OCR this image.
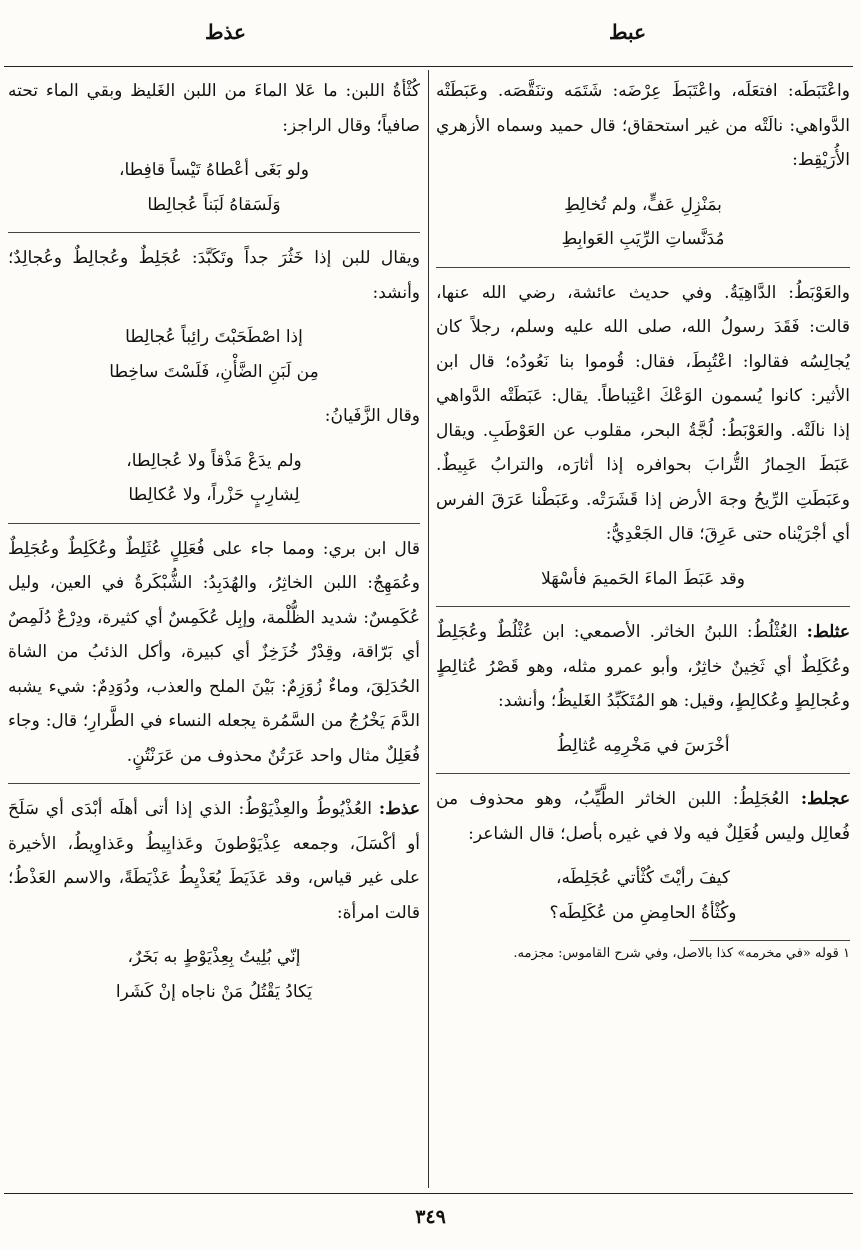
عبط
عذط

واعْتَبَطَه: افتعَلَه، واعْتَبَطَ عِرْضَه: شَتَمَه وتنَقَّصَه. وعَبَطَتْه الدَّواهي: نالَتْه من غير استحقاق؛ قال حميد وسماه الأزهري الأُرَيْقِط:

بمَنْزِلِ عَفٍّ، ولم تُخالِطِ
مُدَنَّساتِ الرِّيَبِ العَوابِطِ

والعَوْبَطُ: الدَّاهِيَةُ. وفي حديث عائشة، رضي الله عنها، قالت: فَقَدَ رسولُ الله، صلى الله عليه وسلم، رجلاً كان يُجالِسُه فقالوا: اعْتُبِطَ، فقال: قُوموا بنا نَعُودُه؛ قال ابن الأثير: كانوا يُسمون الوَعْكَ اعْتِباطاً. يقال: عَبَطَتْه الدَّواهي إذا نالَتْه. والعَوْبَطُ: لُجَّةُ البحر، مقلوب عن العَوْطَبِ. ويقال عَبَطَ الحِمارُ التُّرابَ بحوافره إذا أثارَه، والترابُ عَبِيطٌ. وعَبَطَتِ الرِّيحُ وجهَ الأرض إذا قَشَرَتْه. وعَبَطْنا عَرَقَ الفرس أي أجْرَيْناه حتى عَرِقَ؛ قال الجَعْدِيُّ:

وقد عَبَطَ الماءَ الحَميمَ فأسْهَلا

عثلط: العُثْلُطُ: اللبنُ الخاثر. الأصمعي: ابن عُثْلُطٌ وعُجَلِطٌ وعُكَلِطٌ أي ثَخِينٌ خاثِرٌ، وأبو عمرو مثله، وهو قَصْرُ عُثالِطٍ وعُجالِطٍ وعُكالِطٍ، وقيل: هو المُتَكَبِّدُ الغَليظُ؛ وأنشد:

أخْرَسَ في مَخْرِمِه عُثالِطُ

عجلط: العُجَلِطُ: اللبن الخاثر الطَّيِّبُ، وهو محذوف من فُعالِل وليس فُعَلِلٌ فيه ولا في غيره بأصل؛ قال الشاعر:

كيفَ رأيْتَ كُثْأتي عُجَلِطَه،
وكُثْأةُ الحامِضِ من عُكَلِطَه؟
١ قوله «في مخرمه» كذا بالاصل، وفي شرح القاموس: مجزمه.

كُثْأةُ اللبن: ما عَلا الماءَ من اللبن الغَليظ وبقي الماء تحته صافياً؛ وقال الراجز:

ولو بَغَى أعْطاهُ تَيْساً قافِطا،
وَلَسَقاهُ لَبَناً عُجالِطا

ويقال للبن إذا خَثُرَ جداً وتَكَبَّدَ: عُجَلِطٌ وعُجالِطٌ وعُجالِدٌ؛ وأنشد:

إذا اصْطَحَبْتَ رائِباً عُجالِطا
مِن لَبَنِ الضَّأْنِ، فَلَسْتَ ساخِطا

وقال الزَّفَيانُ:

ولم يدَعْ مَذْقاً ولا عُجالِطا،
لِشارِبٍ حَزْراً، ولا عُكالِطا

قال ابن بري: ومما جاء على فُعَلِلٍ عُثَلِطٌ وعُكَلِطٌ وعُجَلِطٌ وعُمَهِجٌ: اللبن الخاثِرُ، والهُدَبِدُ: الشُّبْكَرةُ في العين، وليل عُكَمِسٌ: شديد الظُّلْمة، وإبِل عُكَمِسٌ أي كثيرة، ودِرْعٌ دُلَمِصٌ أي بَرّاقة، وقِدْرٌ خُزَخِزٌ أي كبيرة، وأكل الذئبُ من الشاة الحُدَلِقَ، وماءٌ زُوَزِمٌ: بَيْنَ الملح والعذب، ودُوَدِمٌ: شيء يشبه الدَّمَ يَخْرُجُ من السَّمُرة يجعله النساء في الطَّرارِ؛ قال: وجاء فُعَلِلٌ مثال واحد عَرَتُنٌ محذوف من عَرَنْتُنٍ.

عذط: العُذْيُوطُ والعِذْيَوْطُ: الذي إذا أتى أهلَه أبْدَى أي سَلَحَ أو أكْسَلَ، وجمعه عِذْيَوْطونَ وعَذايِيطُ وعَذاوِيطُ، الأخيرة على غير قياس، وقد عَذَيَطَ يُعَذْيِطُ عَذْيَطَةً، والاسم العَذْطُ؛ قالت امرأة:

إنّي بُلِيتُ بِعِذْيَوْطٍ به بَخَرٌ،
يَكادُ يَقْتُلُ مَنْ ناجاه إنْ كَشَرا
٣٤٩
